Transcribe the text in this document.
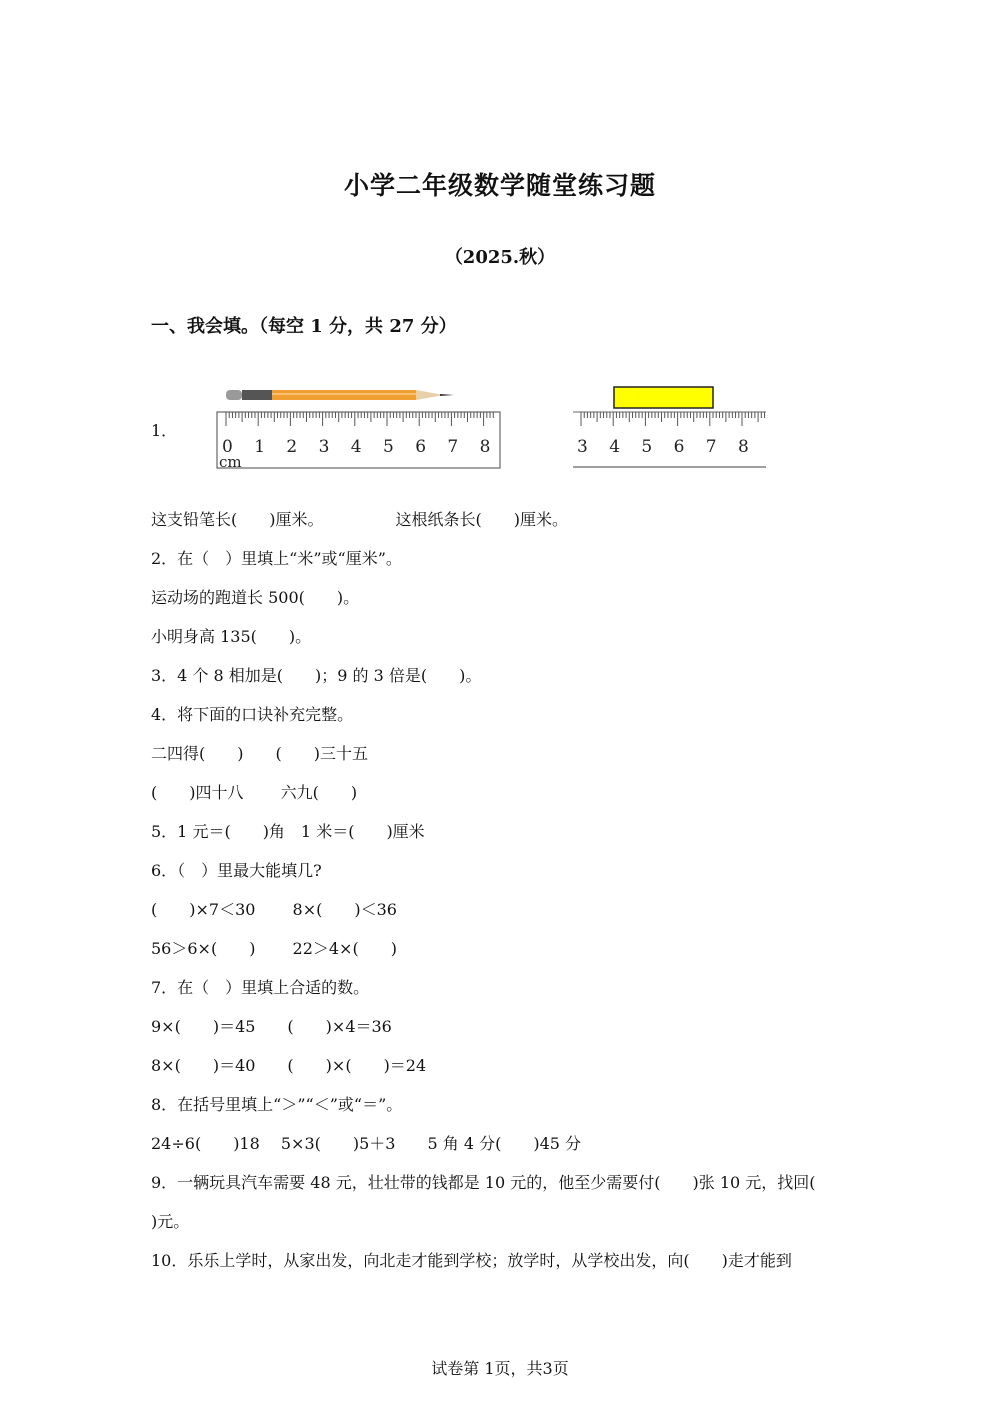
小学二年级数学随堂练习题
（2025.秋）
一、我会填。（每空 1 分，共 27 分）
1．
0 1 2 3 4 5 6 7 8
cm
3 4 5 6 7 8
这支铅笔长(　　)厘米。　　　　　这根纸条长(　　)厘米。
2．在（　）里填上“米”或“厘米”。
运动场的跑道长 500(　　)。
小明身高 135(　　)。
3．4 个 8 相加是(　　)；9 的 3 倍是(　　)。
4．将下面的口诀补充完整。
二四得(　　)　　(　　)三十五
(　　)四十八　　 六九(　　)
5．1 元＝(　　)角　1 米＝(　　)厘米
6．（　）里最大能填几?
(　　)×7＜30　　 8×(　　)＜36
56＞6×(　　)　　 22＞4×(　　)
7．在（　）里填上合适的数。
9×(　　)＝45　　(　　)×4＝36
8×(　　)＝40　　(　　)×(　　)＝24
8．在括号里填上“＞”“＜”或“＝”。
24÷6(　　)18　 5×3(　　)5＋3　　5 角 4 分(　　)45 分
9．一辆玩具汽车需要 48 元，壮壮带的钱都是 10 元的，他至少需要付(　　)张 10 元，找回(
)元。
10．乐乐上学时，从家出发，向北走才能到学校；放学时，从学校出发，向(　　)走才能到
试卷第 1页，共3页
